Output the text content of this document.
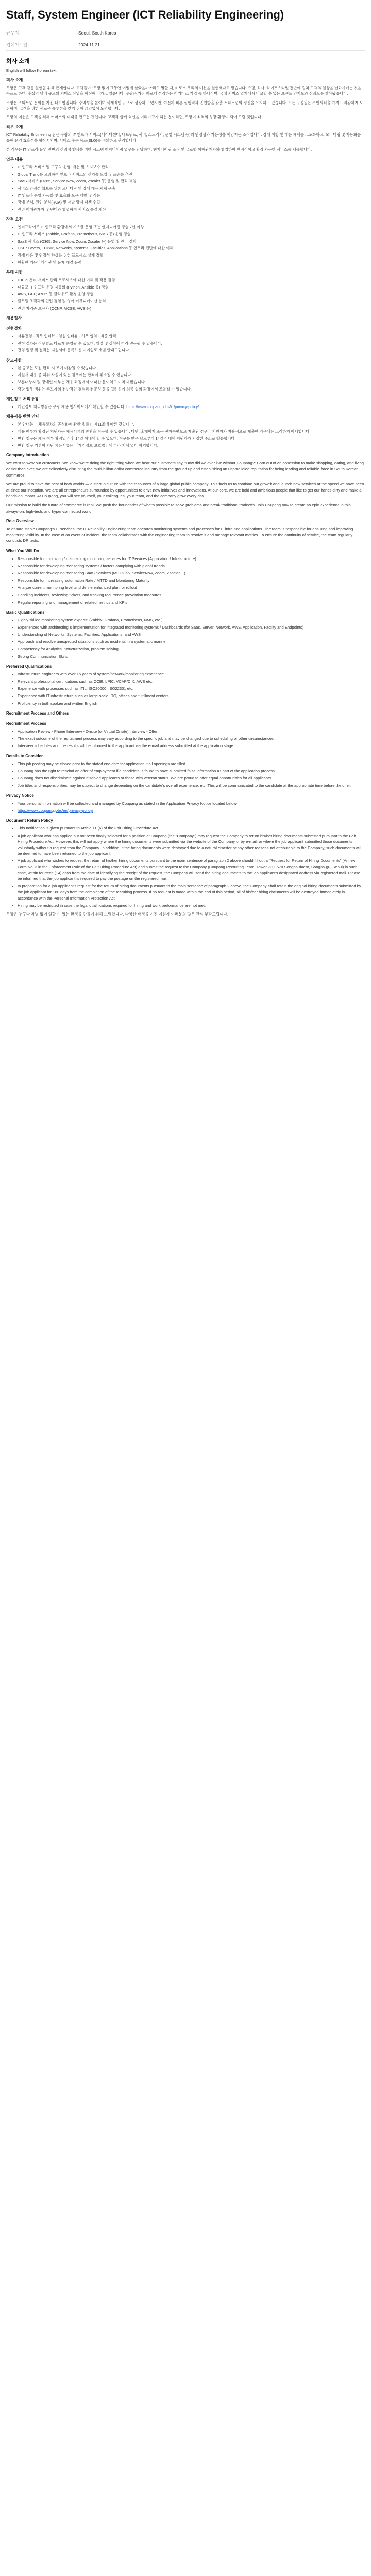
Staff, System Engineer (ICT Reliability Engineering)
근무지	Seoul, South Korea
업데이트일	2024.11.21
회사 소개

English will follow Korean text

회사 소개

쿠팡은 고객 감동 실현을 위해 존재합니다. 고객들이 "쿠팡 없이 그동안 어떻게 살았을까?"라고 말할 때, 비로소 우리의 미션을 실현했다고 믿습니다. 쇼핑, 식사, 라이프스타일 전반에 걸쳐 고객의 일상을 변화시키는 것을 목표로 하며, 수십억 달러 규모의 커머스 산업을 혁신해 나가고 있습니다. 쿠팡은 가장 빠르게 성장하는 이커머스 기업 중 하나이며, 국내 커머스 업계에서 비교할 수 없는 브랜드 인지도와 신뢰도를 쌓아왔습니다.

쿠팡은 스타트업 문화를 가진 대기업입니다. 수익성을 높이며 세계적인 규모로 성장하고 있지만, 여전히 빠른 실행력과 민첩함을 갖춘 스타트업의 정신을 유지하고 있습니다. 모든 구성원은 주인의식을 가지고 과감하게 도전하며, 고객을 위한 새로운 솔루션을 찾기 위해 끊임없이 노력합니다.

쿠팡의 미션은 고객을 위해 커머스의 미래를 만드는 것입니다. 고객과 함께 혁신을 이뤄가고자 하는 분이라면, 쿠팡이 최적의 성장 환경이 되어 드릴 것입니다.

직무 소개

ICT Reliability Engineering 팀은 쿠팡의 IT 인프라 서비스(데이터센터, 네트워크, 서버, 스토리지, 운영 시스템 등)의 안정성과 가용성을 책임지는 조직입니다. 장애 예방 및 대응 체계를 고도화하고, 모니터링 및 자동화를 통해 운영 효율성을 향상시키며, 서비스 수준 목표(SLO)를 정의하고 관리합니다.

본 직무는 IT 인프라 운영 전반의 신뢰성 향상을 위한 시스템 엔지니어링 업무를 담당하며, 엔지니어링 조직 및 글로벌 이해관계자와 협업하여 안정적이고 확장 가능한 서비스를 제공합니다.

업무 내용
• IT 인프라 서비스 및 도구의 운영, 개선 및 유지보수 관리
• Global Trend를 고려하여 인프라 서비스의 신기술 도입 및 표준화 추진
• SaaS 서비스 (O365, Service Now, Zoom, Zscaler 등) 운영 및 관리 책임
• 서비스 안정성 확보를 위한 모니터링 및 장애 대응 체계 구축
• IT 인프라 운영 자동화 및 효율화 도구 개발 및 적용
• 장애 분석, 원인 분석(RCA) 및 재발 방지 대책 수립
• 관련 이해관계자 및 벤더와 협업하여 서비스 품질 개선
자격 요건
• 엔터프라이즈 IT 인프라 환경에서 시스템 운영 또는 엔지니어링 경험 7년 이상
• IT 인프라 서비스 (Zabbix, Grafana, Prometheus, NMS 등) 운영 경험
• SaaS 서비스 (O365, Service Now, Zoom, Zscaler 등) 운영 및 관리 경험
• OSI 7 Layers, TCP/IP, Networks, Systems, Facilities, Applications 등 인프라 전반에 대한 이해
• 장애 대응 및 안정성 향상을 위한 프로세스 설계 경험
• 원활한 커뮤니케이션 및 문제 해결 능력
우대 사항
• ITIL 기반 IT 서비스 관리 프로세스에 대한 이해 및 적용 경험
• 대규모 IT 인프라 운영 자동화 (Python, Ansible 등) 경험
• AWS, GCP, Azure 등 클라우드 환경 운영 경험
• 글로벌 조직과의 협업 경험 및 영어 커뮤니케이션 능력
• 관련 자격증 보유자 (CCNP, MCSE, AWS 등)
채용절차
전형절차
• 서류전형 - 직무 인터뷰 - 임원 인터뷰 - 처우 협의 - 최종 합격
• 전형 절차는 직무별로 다르게 운영될 수 있으며, 일정 및 상황에 따라 변동될 수 있습니다.
• 전형 일정 및 결과는 지원서에 등록하신 이메일로 개별 안내드립니다.
참고사항
• 본 공고는 모집 완료 시 조기 마감될 수 있습니다.
• 지원서 내용 중 허위 사실이 있는 경우에는 합격이 취소될 수 있습니다.
• 보훈대상자 및 장애인 여부는 채용 과정에서 어떠한 불이익도 미치지 않습니다.
• 담당 업무 범위는 후보자의 전반적인 경력과 전문성 등을 고려하여 최종 협의 과정에서 조율될 수 있습니다.
개인정보 처리방침
• 개인정보 처리방침은 쿠팡 채용 웹사이트에서 확인할 수 있습니다. https://www.coupang.jobs/kr/privacy-policy/
채용서류 반환 안내
• 본 안내는 「채용절차의 공정화에 관한 법률」 제11조에 따른 것입니다.
• 채용 여부가 확정된 지원자는 채용서류의 반환을 청구할 수 있습니다. 다만, 홈페이지 또는 전자우편으로 제출된 경우나 지원자가 자율적으로 제출한 경우에는 그러하지 아니합니다.
• 반환 청구는 채용 여부 확정일 이후 14일 이내에 할 수 있으며, 청구를 받은 날로부터 14일 이내에 지원자가 지정한 주소로 발송합니다.
• 반환 청구 기간이 지난 채용서류는 「개인정보 보호법」에 따라 지체 없이 파기합니다.
Company Introduction

We exist to wow our customers. We know we're doing the right thing when we hear our customers say, "How did we ever live without Coupang?" Born out of an obsession to make shopping, eating, and living easier than ever, we are collectively disrupting the multi-billion-dollar commerce industry from the ground up and establishing an unparalleled reputation for being leading and reliable force in South Korean commerce.

We are proud to have the best of both worlds — a startup culture with the resources of a large global public company. This fuels us to continue our growth and launch new services at the speed we have been at since our inception. We are all entrepreneurs surrounded by opportunities to drive new initiatives and innovations. At our core, we are bold and ambitious people that like to get our hands dirty and make a hands-on impact. At Coupang, you will see yourself, your colleagues, your team, and the company grow every day.

Our mission to build the future of commerce is real. We push the boundaries of what's possible to solve problems and break traditional tradeoffs. Join Coupang now to create an epic experience in this always-on, high-tech, and hyper-connected world.

Role Overview

To ensure stable Coupang's IT services, the IT Reliability Engineering team operates monitoring systems and processes for IT infra and applications. The team is responsible for ensuring and improving monitoring visibility. In the case of an event or incident, the team collaborates with the engineering team to resolve it and manage relevant metrics. To ensure the continuity of service, the team regularly conducts DR tests.

What You Will Do
• Responsible for improving / maintaining monitoring services for IT Services (Application / Infrastructure)
• Responsible for developing monitoring systems / factors complying with global trends
• Responsible for developing monitoring SaaS Services (MS O365, ServiceNow, Zoom, Zscaler ...)
• Responsible for increasing automation Rate / MTTD and Monitoring Maturity
• Analyze current monitoring level and define enhanced plan for rollout
• Handling incidents, reviewing tickets, and tracking recurrence prevention measures
• Regular reporting and management of related metrics and KPIs
Basic Qualifications
• Highly skilled monitoring system experts: (Zabbix, Grafana, Prometheus, NMS, etc.)
• Experienced with architecting & implementation for integrated monitoring systems / Dashboards (for Saas, Server, Network, AWS, Application, Facility and Endpoints)
• Understanding of Networks, Systems, Facilities, Applications, and AWS
• Approach and resolve unexpected situations such as incidents in a systematic manner
• Competency for Analytics, Structurization, problem solving
• Strong Communication Skills
Preferred Qualifications
• Infrastructure engineers with over 15 years of system/network/monitoring experience
• Relevant professional certifications such as CCIE, LPIC, VCAP/CIX, AWS etc.
• Experience with processes such as ITIL, ISO20000, ISO22301 etc.
• Experience with IT infrastructure such as large-scale IDC, offices and fulfillment centers
• Proficiency in both spoken and written English
Recruitment Process and Others
Recruitment Process
• Application Review - Phone Interview - Onsite (or Virtual Onsite) Interview - Offer
• The exact outcome of the recruitment process may vary according to the specific job and may be changed due to scheduling or other circumstances.
• Interview schedules and the results will be informed to the applicant via the e-mail address submitted at the application stage.
Details to Consider
• This job posting may be closed prior to the stated end date for application if all openings are filled.
• Coupang has the right to rescind an offer of employment if a candidate is found to have submitted false information as part of the application process.
• Coupang does not discriminate against disabled applicants or those with veteran status. We are proud to offer equal opportunities for all applicants.
• Job titles and responsibilities may be subject to change depending on the candidate's overall experience, etc. This will be communicated to the candidate at the appropriate time before the offer.
Privacy Notice
• Your personal information will be collected and managed by Coupang as stated in the Application Privacy Notice located below.
• https://www.coupang.jobs/en/privacy-policy/
Document Return Policy
• This notification is given pursuant to Article 11 (6) of the Fair Hiring Procedure Act.
• A job applicant who has applied but not been finally selected for a position at Coupang (the "Company") may request the Company to return his/her hiring documents submitted pursuant to the Fair Hiring Procedure Act. However, this will not apply where the hiring documents were submitted via the website of the Company or by e-mail, or where the job applicant submitted those documents voluntarily without a request from the Company. In addition, if the hiring documents were destroyed due to a natural disaster or any other reasons not attributable to the Company, such documents will be deemed to have been returned to the job applicant.
• A job applicant who wishes to request the return of his/her hiring documents pursuant to the main sentence of paragraph 2 above should fill out a "Request for Return of Hiring Documents" (Annex Form No. 3 in the Enforcement Rule of the Fair Hiring Procedure Act) and submit the request to the Company (Coupang Recruiting Team, Tower 730, 570 Songpa-daero, Songpa-gu, Seoul) in such case, within fourteen (14) days from the date of identifying the receipt of the request, the Company will send the hiring documents to the job applicant's designated address via registered mail. Please be informed that the job applicant is required to pay the postage on the registered mail.
• In preparation for a job applicant's request for the return of hiring documents pursuant to the main sentence of paragraph 2 above, the Company shall retain the original hiring documents submitted by the job applicant for 180 days from the completion of the recruiting process. If no request is made within the end of this period, all of his/her hiring documents will be destroyed immediately in accordance with the Personal Information Protection Act.
• Hiring may be restricted in case the legal qualifications required for hiring and work performance are not met.

쿠팡은 누구나 차별 없이 일할 수 있는 환경을 만들기 위해 노력합니다. 다양한 배경을 가진 지원자 여러분의 많은 관심 부탁드립니다.
